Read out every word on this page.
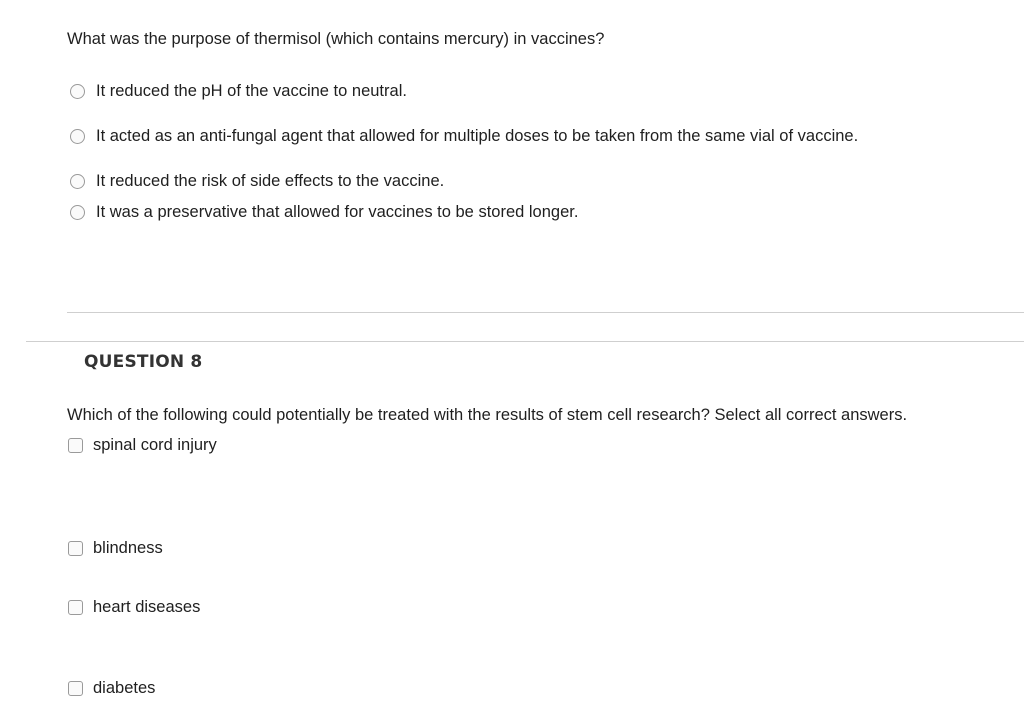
What was the purpose of thermisol (which contains mercury) in vaccines?
It reduced the pH of the vaccine to neutral.
It acted as an anti-fungal agent that allowed for multiple doses to be taken from the same vial of vaccine.
It reduced the risk of side effects to the vaccine.
It was a preservative that allowed for vaccines to be stored longer.
QUESTION 8
Which of the following could potentially be treated with the results of stem cell research? Select all correct answers.
spinal cord injury
blindness
heart diseases
diabetes
